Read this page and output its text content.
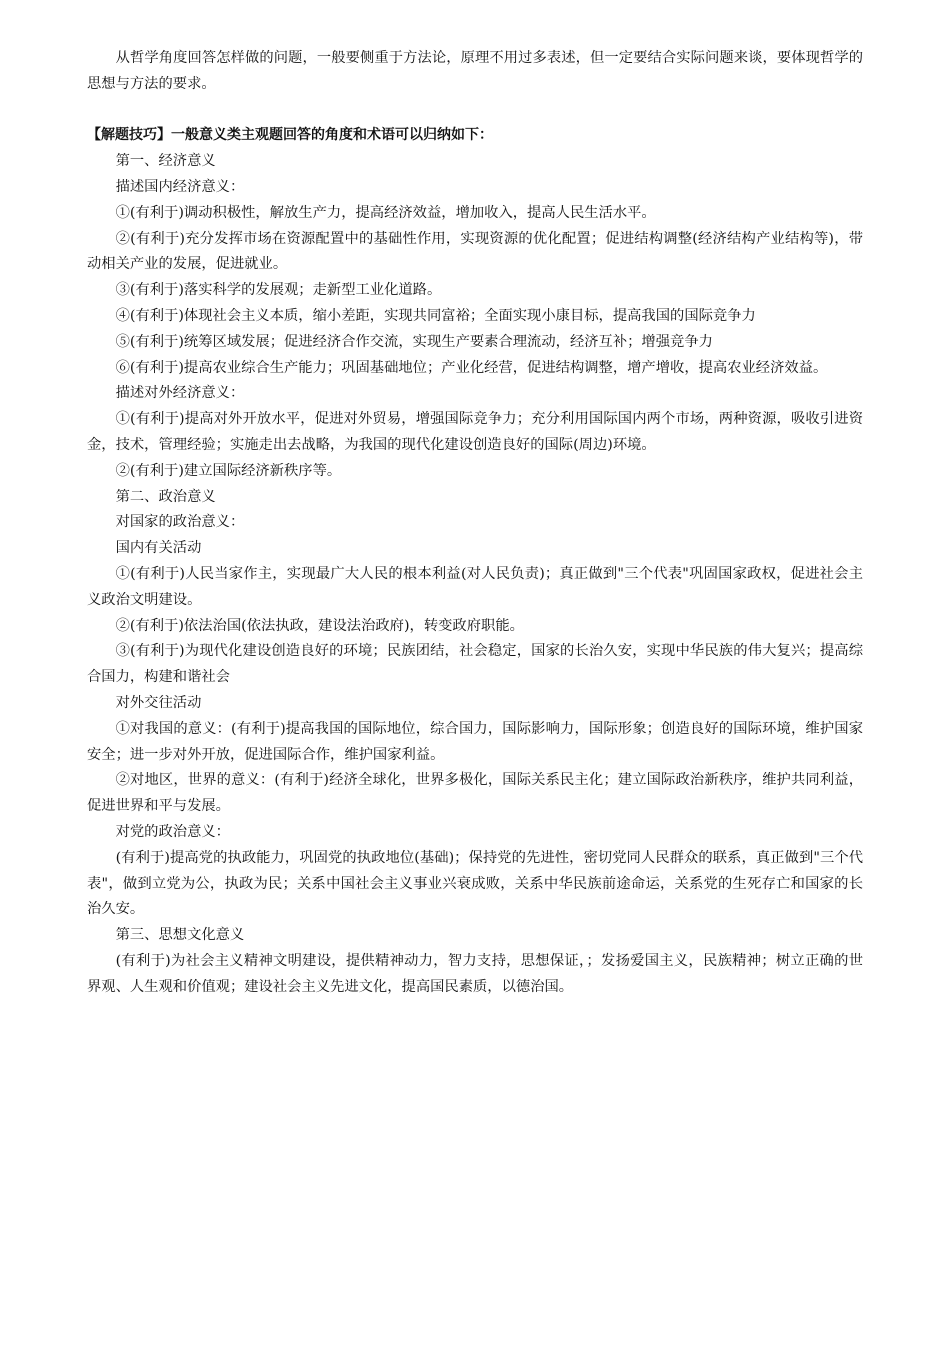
从哲学角度回答怎样做的问题，一般要侧重于方法论，原理不用过多表述，但一定要结合实际问题来谈，要体现哲学的思想与方法的要求。

【解题技巧】一般意义类主观题回答的角度和术语可以归纳如下：

第一、经济意义

描述国内经济意义：

①(有利于)调动积极性，解放生产力，提高经济效益，增加收入，提高人民生活水平。

②(有利于)充分发挥市场在资源配置中的基础性作用，实现资源的优化配置；促进结构调整(经济结构产业结构等)，带动相关产业的发展，促进就业。

③(有利于)落实科学的发展观；走新型工业化道路。

④(有利于)体现社会主义本质，缩小差距，实现共同富裕；全面实现小康目标，提高我国的国际竞争力

⑤(有利于)统筹区域发展；促进经济合作交流，实现生产要素合理流动，经济互补；增强竞争力

⑥(有利于)提高农业综合生产能力；巩固基础地位；产业化经营，促进结构调整，增产增收，提高农业经济效益。

描述对外经济意义：

①(有利于)提高对外开放水平，促进对外贸易，增强国际竞争力；充分利用国际国内两个市场，两种资源，吸收引进资金，技术，管理经验；实施走出去战略，为我国的现代化建设创造良好的国际(周边)环境。

②(有利于)建立国际经济新秩序等。

第二、政治意义

对国家的政治意义：

国内有关活动

①(有利于)人民当家作主，实现最广大人民的根本利益(对人民负责)；真正做到"三个代表"巩固国家政权，促进社会主义政治文明建设。

②(有利于)依法治国(依法执政，建设法治政府)，转变政府职能。

③(有利于)为现代化建设创造良好的环境；民族团结，社会稳定，国家的长治久安，实现中华民族的伟大复兴；提高综合国力，构建和谐社会

对外交往活动

①对我国的意义：(有利于)提高我国的国际地位，综合国力，国际影响力，国际形象；创造良好的国际环境，维护国家安全；进一步对外开放，促进国际合作，维护国家利益。

②对地区，世界的意义：(有利于)经济全球化，世界多极化，国际关系民主化；建立国际政治新秩序，维护共同利益，促进世界和平与发展。

对党的政治意义：

(有利于)提高党的执政能力，巩固党的执政地位(基础)；保持党的先进性，密切党同人民群众的联系，真正做到"三个代表"，做到立党为公，执政为民；关系中国社会主义事业兴衰成败，关系中华民族前途命运，关系党的生死存亡和国家的长治久安。

第三、思想文化意义

(有利于)为社会主义精神文明建设，提供精神动力，智力支持，思想保证，；发扬爱国主义，民族精神；树立正确的世界观、人生观和价值观；建设社会主义先进文化，提高国民素质，以德治国。
